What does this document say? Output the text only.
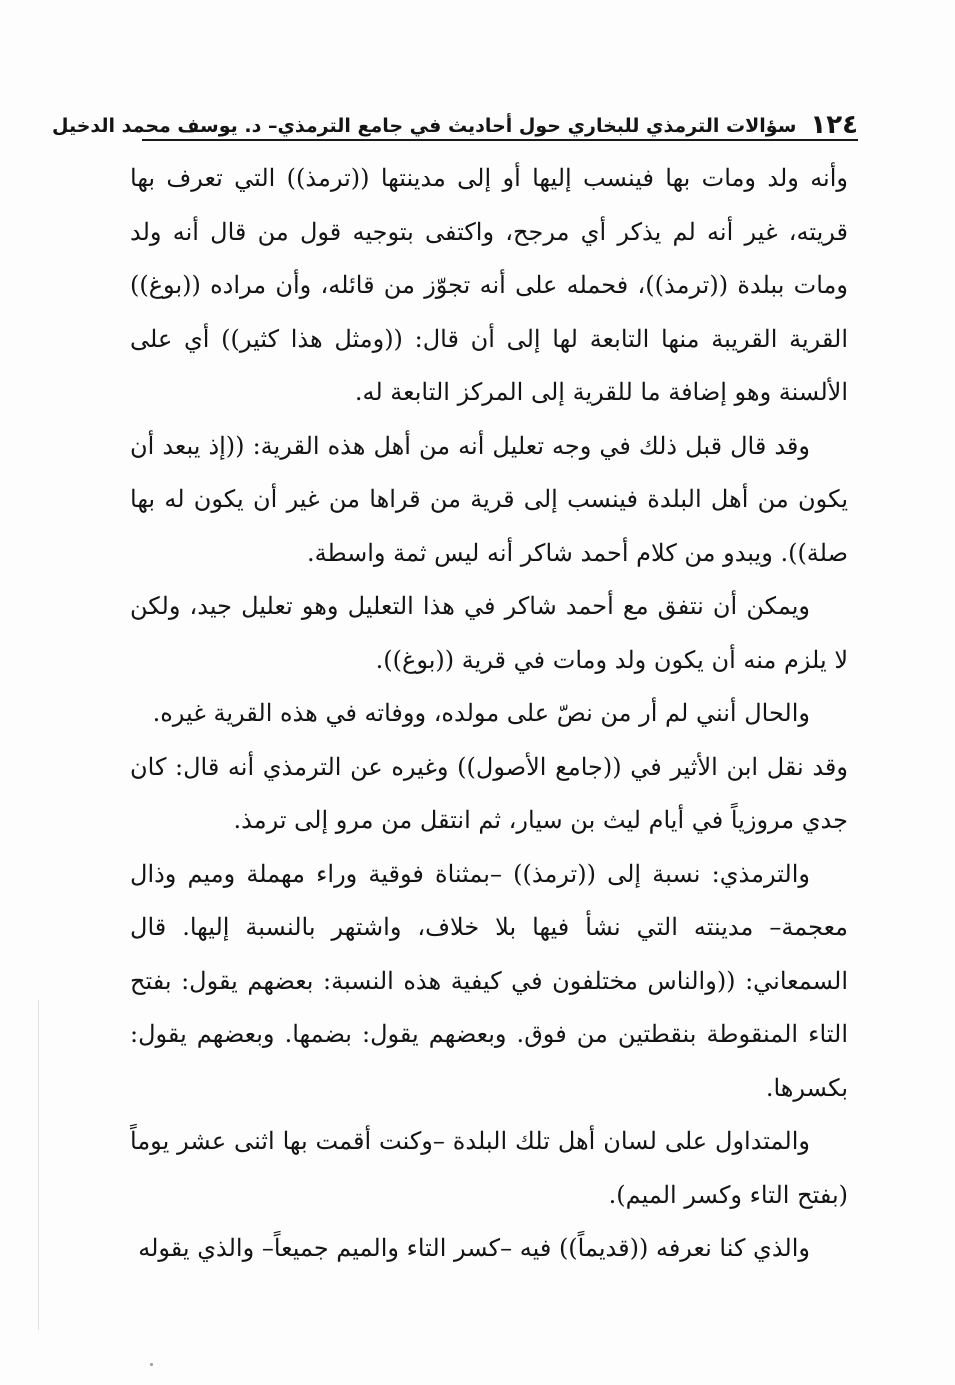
١٢٤
سؤالات الترمذي للبخاري حول أحاديث في جامع الترمذي– د. يوسف محمد الدخيل

وأنه ولد ومات بها فينسب إليها أو إلى مدينتها ((ترمذ)) التي تعرف بها قريته، غير أنه لم يذكر أي مرجح، واكتفى بتوجيه قول من قال أنه ولد ومات ببلدة ((ترمذ))، فحمله على أنه تجوّز من قائله، وأن مراده ((بوغ)) القرية القريبة منها التابعة لها إلى أن قال: ((ومثل هذا كثير)) أي على الألسنة وهو إضافة ما للقرية إلى المركز التابعة له.

وقد قال قبل ذلك في وجه تعليل أنه من أهل هذه القرية: ((إذ يبعد أن يكون من أهل البلدة فينسب إلى قرية من قراها من غير أن يكون له بها صلة)). ويبدو من كلام أحمد شاكر أنه ليس ثمة واسطة.

ويمكن أن نتفق مع أحمد شاكر في هذا التعليل وهو تعليل جيد، ولكن لا يلزم منه أن يكون ولد ومات في قرية ((بوغ)).

والحال أنني لم أر من نصّ على مولده، ووفاته في هذه القرية غيره.

وقد نقل ابن الأثير في ((جامع الأصول)) وغيره عن الترمذي أنه قال: كان جدي مروزياً في أيام ليث بن سيار، ثم انتقل من مرو إلى ترمذ.

والترمذي: نسبة إلى ((ترمذ)) –بمثناة فوقية وراء مهملة وميم وذال معجمة– مدينته التي نشأ فيها بلا خلاف، واشتهر بالنسبة إليها. قال السمعاني: ((والناس مختلفون في كيفية هذه النسبة: بعضهم يقول: بفتح التاء المنقوطة بنقطتين من فوق. وبعضهم يقول: بضمها. وبعضهم يقول: بكسرها.

والمتداول على لسان أهل تلك البلدة –وكنت أقمت بها اثنى عشر يوماً (بفتح التاء وكسر الميم).

والذي كنا نعرفه ((قديماً)) فيه –كسر التاء والميم جميعاً– والذي يقوله
